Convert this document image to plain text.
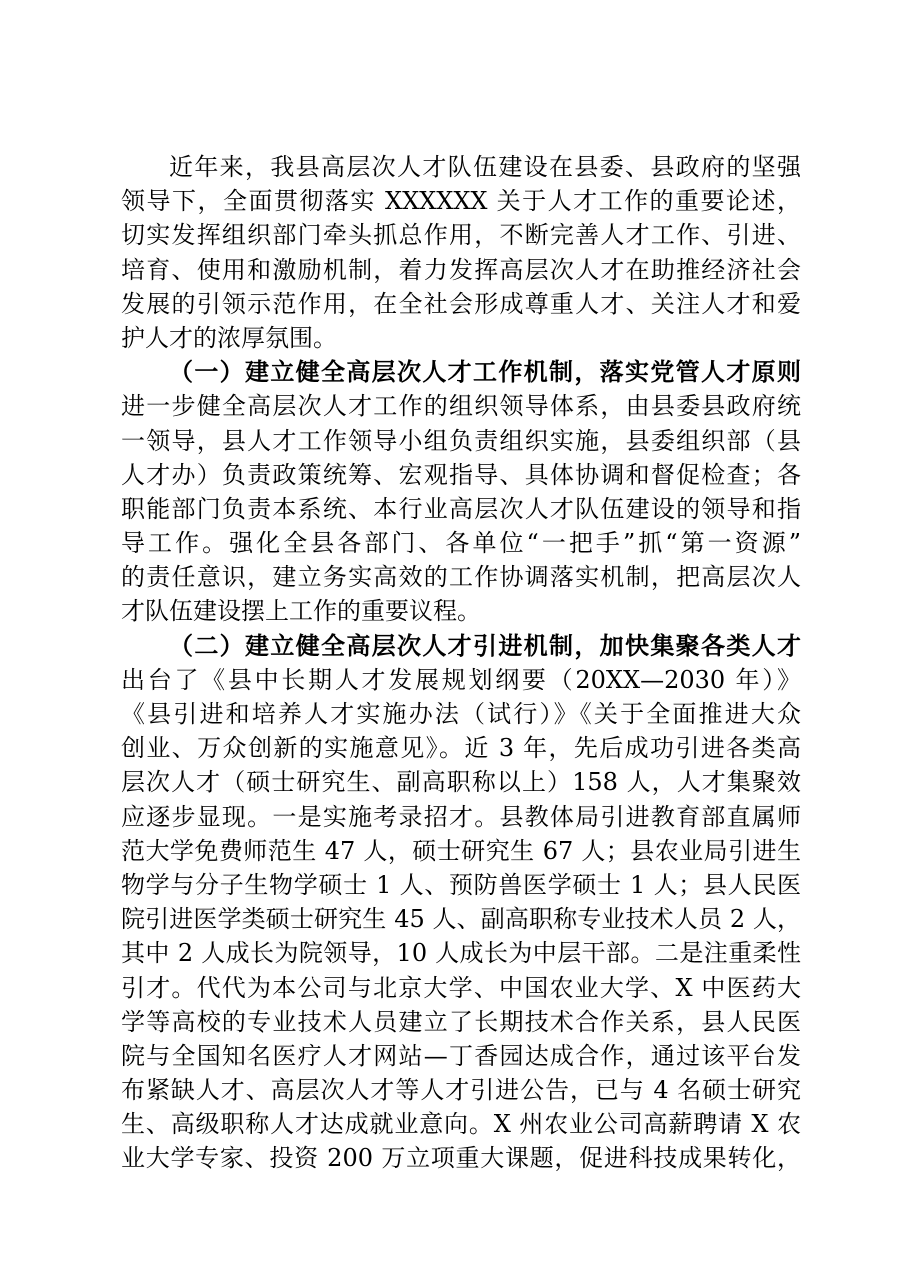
近年来，我县高层次人才队伍建设在县委、县政府的坚强
领导下，全面贯彻落实 XXXXXX 关于人才工作的重要论述，
切实发挥组织部门牵头抓总作用，不断完善人才工作、引进、
培育、使用和激励机制，着力发挥高层次人才在助推经济社会
发展的引领示范作用，在全社会形成尊重人才、关注人才和爱
护人才的浓厚氛围。
（一）建立健全高层次人才工作机制，落实党管人才原则
进一步健全高层次人才工作的组织领导体系，由县委县政府统
一领导，县人才工作领导小组负责组织实施，县委组织部（县
人才办）负责政策统筹、宏观指导、具体协调和督促检查；各
职能部门负责本系统、本行业高层次人才队伍建设的领导和指
导工作。强化全县各部门、各单位“一把手”抓“第一资源”
的责任意识，建立务实高效的工作协调落实机制，把高层次人
才队伍建设摆上工作的重要议程。
（二）建立健全高层次人才引进机制，加快集聚各类人才
出台了《县中长期人才发展规划纲要（20XX—2030 年）》
《县引进和培养人才实施办法（试行）》《关于全面推进大众
创业、万众创新的实施意见》。近 3 年，先后成功引进各类高
层次人才（硕士研究生、副高职称以上）158 人，人才集聚效
应逐步显现。一是实施考录招才。县教体局引进教育部直属师
范大学免费师范生 47 人，硕士研究生 67 人；县农业局引进生
物学与分子生物学硕士 1 人、预防兽医学硕士 1 人；县人民医
院引进医学类硕士研究生 45 人、副高职称专业技术人员 2 人，
其中 2 人成长为院领导，10 人成长为中层干部。二是注重柔性
引才。代代为本公司与北京大学、中国农业大学、X 中医药大
学等高校的专业技术人员建立了长期技术合作关系，县人民医
院与全国知名医疗人才网站—丁香园达成合作，通过该平台发
布紧缺人才、高层次人才等人才引进公告，已与 4 名硕士研究
生、高级职称人才达成就业意向。X 州农业公司高薪聘请 X 农
业大学专家、投资 200 万立项重大课题，促进科技成果转化，
